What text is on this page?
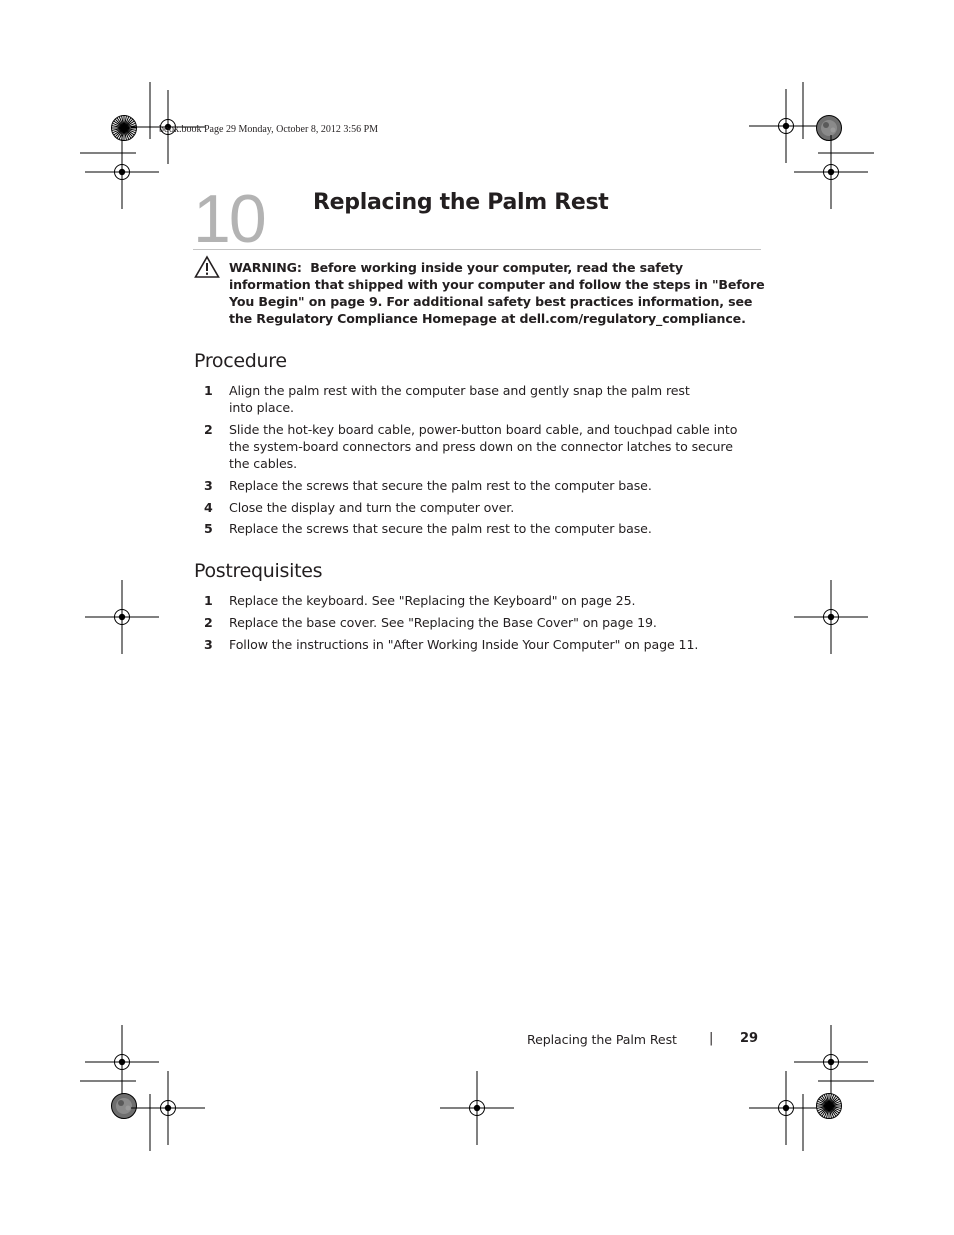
book.book Page 29 Monday, October 8, 2012 3:56 PM
10 Replacing the Palm Rest
WARNING: Before working inside your computer, read the safety information that shipped with your computer and follow the steps in "Before You Begin" on page 9. For additional safety best practices information, see the Regulatory Compliance Homepage at dell.com/regulatory_compliance.
Procedure
1 Align the palm rest with the computer base and gently snap the palm rest
into place.
2 Slide the hot-key board cable, power-button board cable, and touchpad cable into
the system-board connectors and press down on the connector latches to secure
the cables.
3 Replace the screws that secure the palm rest to the computer base.
4 Close the display and turn the computer over.
5 Replace the screws that secure the palm rest to the computer base.
Postrequisites
1 Replace the keyboard. See "Replacing the Keyboard" on page 25.
2 Replace the base cover. See "Replacing the Base Cover" on page 19.
3 Follow the instructions in "After Working Inside Your Computer" on page 11.
Replacing the Palm Rest | 29
